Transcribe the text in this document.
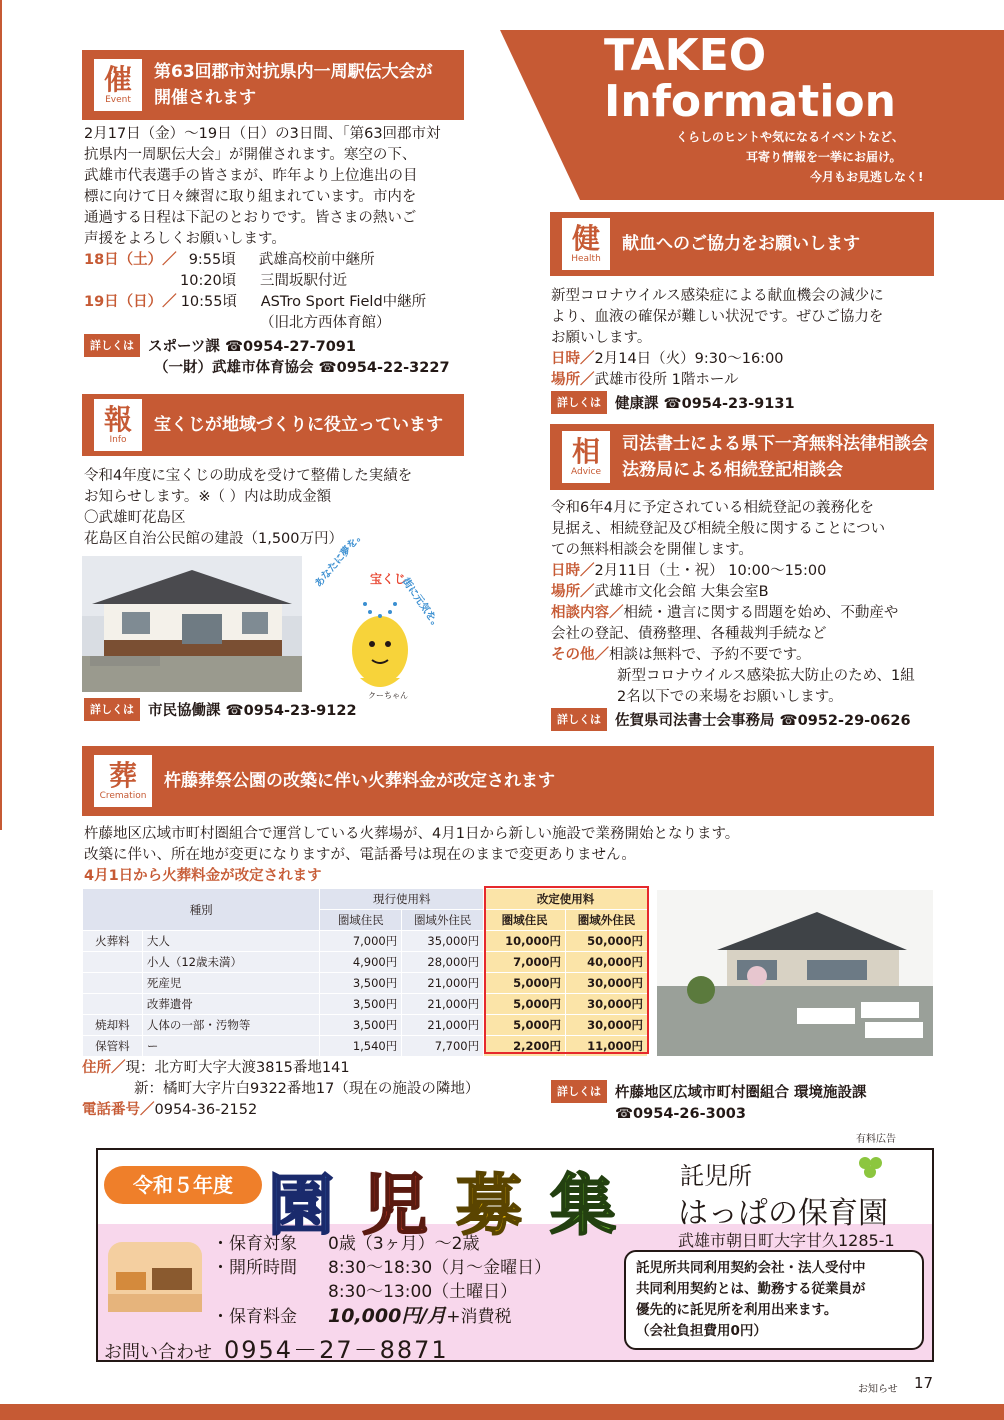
TAKEO
Information
くらしのヒントや気になるイベントなど、
耳寄り情報を一挙にお届け。
今月もお見逃しなく!
催
Event
第63回郡市対抗県内一周駅伝大会が
開催されます
2月17日（金）～19日（日）の3日間、「第63回郡市対
抗県内一周駅伝大会」が開催されます。寒空の下、
武雄市代表選手の皆さまが、昨年より上位進出の目
標に向けて日々練習に取り組まれています。市内を
通過する日程は下記のとおりです。皆さまの熱いご
声援をよろしくお願いします。
18日（土）／ 9:55頃 武雄高校前中継所
10:20頃 三間坂駅付近
19日（日）／ 10:55頃 ASTro Sport Field中継所
（旧北方西体育館）
詳しくは スポーツ課 ☎0954-27-7091
（一財）武雄市体育協会 ☎0954-22-3227
報
Info
宝くじが地域づくりに役立っています
令和4年度に宝くじの助成を受けて整備した実績を
お知らせします。※（ ）内は助成金額
〇武雄町花島区
花島区自治公民館の建設（1,500万円）
あなたに夢を。 宝くじ
街に元気を。
クーちゃん
詳しくは 市民協働課 ☎0954-23-9122
健
Health
献血へのご協力をお願いします
新型コロナウイルス感染症による献血機会の減少に
より、血液の確保が難しい状況です。ぜひご協力を
お願いします。
日時／2月14日（火）9:30～16:00
場所／武雄市役所 1階ホール
詳しくは 健康課 ☎0954-23-9131
相
Advice
司法書士による県下一斉無料法律相談会
法務局による相続登記相談会
令和6年4月に予定されている相続登記の義務化を
見据え、相続登記及び相続全般に関することについ
ての無料相談会を開催します。
日時／2月11日（土・祝） 10:00～15:00
場所／武雄市文化会館 大集会室B
相談内容／相続・遺言に関する問題を始め、不動産や
会社の登記、債務整理、各種裁判手続など
その他／相談は無料で、予約不要です。
新型コロナウイルス感染拡大防止のため、1組
2名以下での来場をお願いします。
詳しくは 佐賀県司法書士会事務局 ☎0952-29-0626
葬
Cremation
杵藤葬祭公園の改築に伴い火葬料金が改定されます
杵藤地区広域市町村圏組合で運営している火葬場が、4月1日から新しい施設で業務開始となります。
改築に伴い、所在地が変更になりますが、電話番号は現在のままで変更ありません。
4月1日から火葬料金が改定されます
種別		現行使用料		改定使用料	
		圏域住民	圏域外住民	圏域住民	圏域外住民
火葬料	大人	7,000円	35,000円	10,000円	50,000円
	小人（12歳未満）	4,900円	28,000円	7,000円	40,000円
	死産児	3,500円	21,000円	5,000円	30,000円
	改葬遺骨	3,500円	21,000円	5,000円	30,000円
焼却料	人体の一部・汚物等	3,500円	21,000円	5,000円	30,000円
保管料	ー	1,540円	7,700円	2,200円	11,000円
住所／現：北方町大字大渡3815番地141
新：橘町大字片白9322番地17（現在の施設の隣地）
電話番号／0954-36-2152
詳しくは 杵藤地区広域市町村圏組合 環境施設課
☎0954-26-3003
有料広告
令和５年度 園 児 募 集	託児所
はっぱの保育園
武雄市朝日町大字甘久1285-1
・保育対象 0歳（3ヶ月）～2歳
・開所時間 8:30～18:30（月～金曜日）
8:30～13:00（土曜日）
・保育料金 10,000円/月+消費税
お問い合わせ 0954－27－8871
託児所共同利用契約会社・法人受付中
共同利用契約とは、勤務する従業員が
優先的に託児所を利用出来ます。
（会社負担費用0円）
お知らせ 17
